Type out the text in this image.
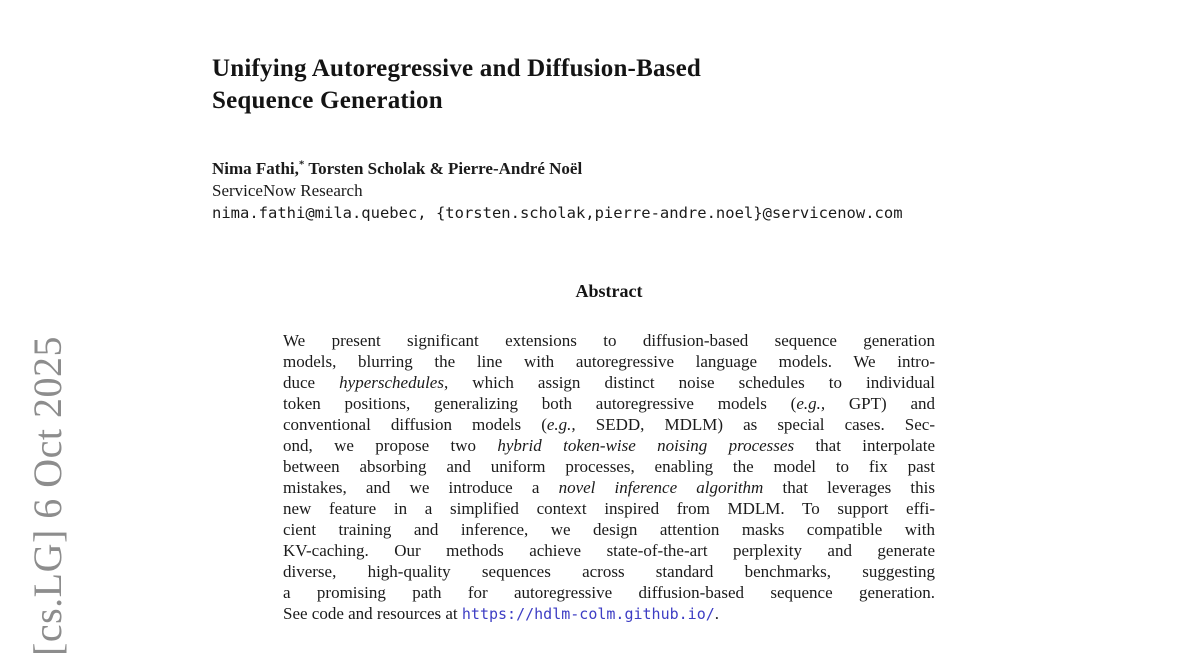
[cs.LG] 6 Oct 2025
Unifying Autoregressive and Diffusion-Based
Sequence Generation
Nima Fathi,* Torsten Scholak & Pierre-André Noël
ServiceNow Research
nima.fathi@mila.quebec, {torsten.scholak,pierre-andre.noel}@servicenow.com
Abstract
We present significant extensions to diffusion-based sequence generation
models, blurring the line with autoregressive language models. We intro-
duce hyperschedules, which assign distinct noise schedules to individual
token positions, generalizing both autoregressive models (e.g., GPT) and
conventional diffusion models (e.g., SEDD, MDLM) as special cases. Sec-
ond, we propose two hybrid token-wise noising processes that interpolate
between absorbing and uniform processes, enabling the model to fix past
mistakes, and we introduce a novel inference algorithm that leverages this
new feature in a simplified context inspired from MDLM. To support effi-
cient training and inference, we design attention masks compatible with
KV-caching. Our methods achieve state-of-the-art perplexity and generate
diverse, high-quality sequences across standard benchmarks, suggesting
a promising path for autoregressive diffusion-based sequence generation.
See code and resources at https://hdlm-colm.github.io/.
